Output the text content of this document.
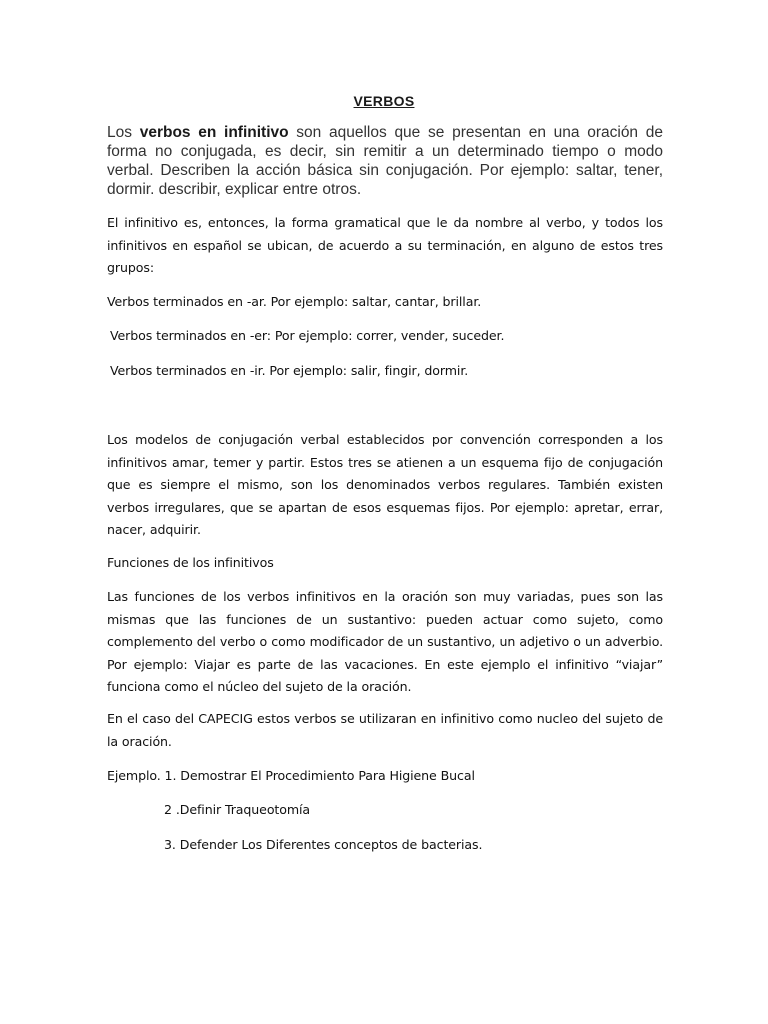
VERBOS
Los verbos en infinitivo son aquellos que se presentan en una oración de forma no conjugada, es decir, sin remitir a un determinado tiempo o modo verbal. Describen la acción básica sin conjugación. Por ejemplo: saltar, tener, dormir. describir, explicar entre otros.
El infinitivo es, entonces, la forma gramatical que le da nombre al verbo, y todos los infinitivos en español se ubican, de acuerdo a su terminación, en alguno de estos tres grupos:
Verbos terminados en -ar. Por ejemplo: saltar, cantar, brillar.
Verbos terminados en -er: Por ejemplo: correr, vender, suceder.
Verbos terminados en -ir. Por ejemplo: salir, fingir, dormir.
Los modelos de conjugación verbal establecidos por convención corresponden a los infinitivos amar, temer y partir. Estos tres se atienen a un esquema fijo de conjugación que es siempre el mismo, son los denominados verbos regulares. También existen verbos irregulares, que se apartan de esos esquemas fijos. Por ejemplo: apretar, errar, nacer, adquirir.
Funciones de los infinitivos
Las funciones de los verbos infinitivos en la oración son muy variadas, pues son las mismas que las funciones de un sustantivo: pueden actuar como sujeto, como complemento del verbo o como modificador de un sustantivo, un adjetivo o un adverbio. Por ejemplo: Viajar es parte de las vacaciones. En este ejemplo el infinitivo “viajar” funciona como el núcleo del sujeto de la oración.
En el caso del CAPECIG estos verbos se utilizaran en infinitivo como nucleo del sujeto de la oración.
Ejemplo. 1. Demostrar El Procedimiento Para Higiene Bucal
2 .Definir Traqueotomía
3. Defender Los Diferentes conceptos de bacterias.
